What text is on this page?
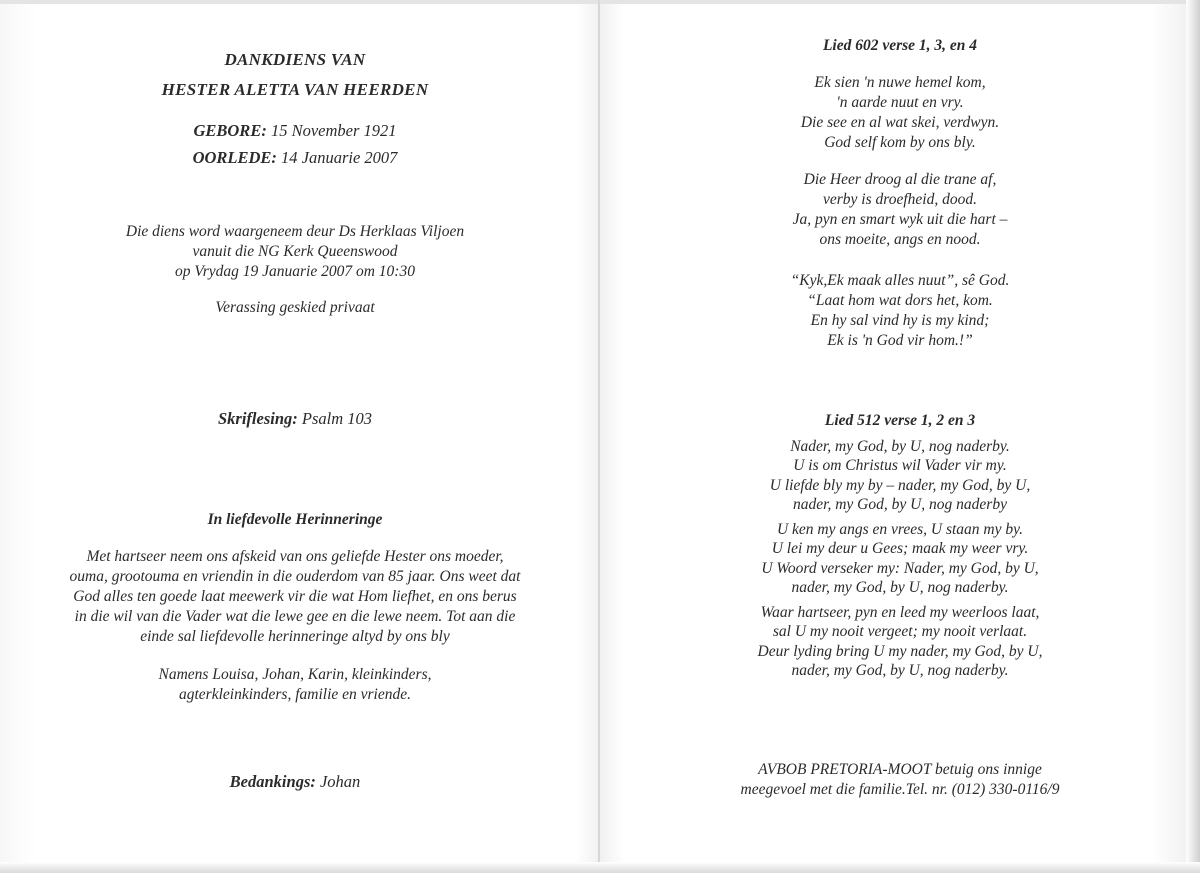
DANKDIENS VAN
HESTER ALETTA VAN HEERDEN
GEBORE: 15 November 1921
OORLEDE: 14 Januarie 2007
Die diens word waargeneem deur Ds Herklaas Viljoen
vanuit die NG Kerk Queenswood
op Vrydag 19 Januarie 2007 om 10:30
Verassing geskied privaat
Skriflesing: Psalm 103
In liefdevolle Herinneringe
Met hartseer neem ons afskeid van ons geliefde Hester ons moeder,
ouma, grootouma en vriendin in die ouderdom van 85 jaar. Ons weet dat
God alles ten goede laat meewerk vir die wat Hom liefhet, en ons berus
in die wil van die Vader wat die lewe gee en die lewe neem. Tot aan die
einde sal liefdevolle herinneringe altyd by ons bly
Namens Louisa, Johan, Karin, kleinkinders,
agterkleinkinders, familie en vriende.
Bedankings: Johan
Lied 602 verse 1, 3, en 4
Ek sien 'n nuwe hemel kom,
'n aarde nuut en vry.
Die see en al wat skei, verdwyn.
God self kom by ons bly.
Die Heer droog al die trane af,
verby is droefheid, dood.
Ja, pyn en smart wyk uit die hart –
ons moeite, angs en nood.
“Kyk,Ek maak alles nuut”, sê God.
“Laat hom wat dors het, kom.
En hy sal vind hy is my kind;
Ek is 'n God vir hom.!”
Lied 512 verse 1, 2 en 3
Nader, my God, by U, nog naderby.
U is om Christus wil Vader vir my.
U liefde bly my by – nader, my God, by U,
nader, my God, by U, nog naderby
U ken my angs en vrees, U staan my by.
U lei my deur u Gees; maak my weer vry.
U Woord verseker my: Nader, my God, by U,
nader, my God, by U, nog naderby.
Waar hartseer, pyn en leed my weerloos laat,
sal U my nooit vergeet; my nooit verlaat.
Deur lyding bring U my nader, my God, by U,
nader, my God, by U, nog naderby.
AVBOB PRETORIA-MOOT betuig ons innige
meegevoel met die familie.Tel. nr. (012) 330-0116/9
